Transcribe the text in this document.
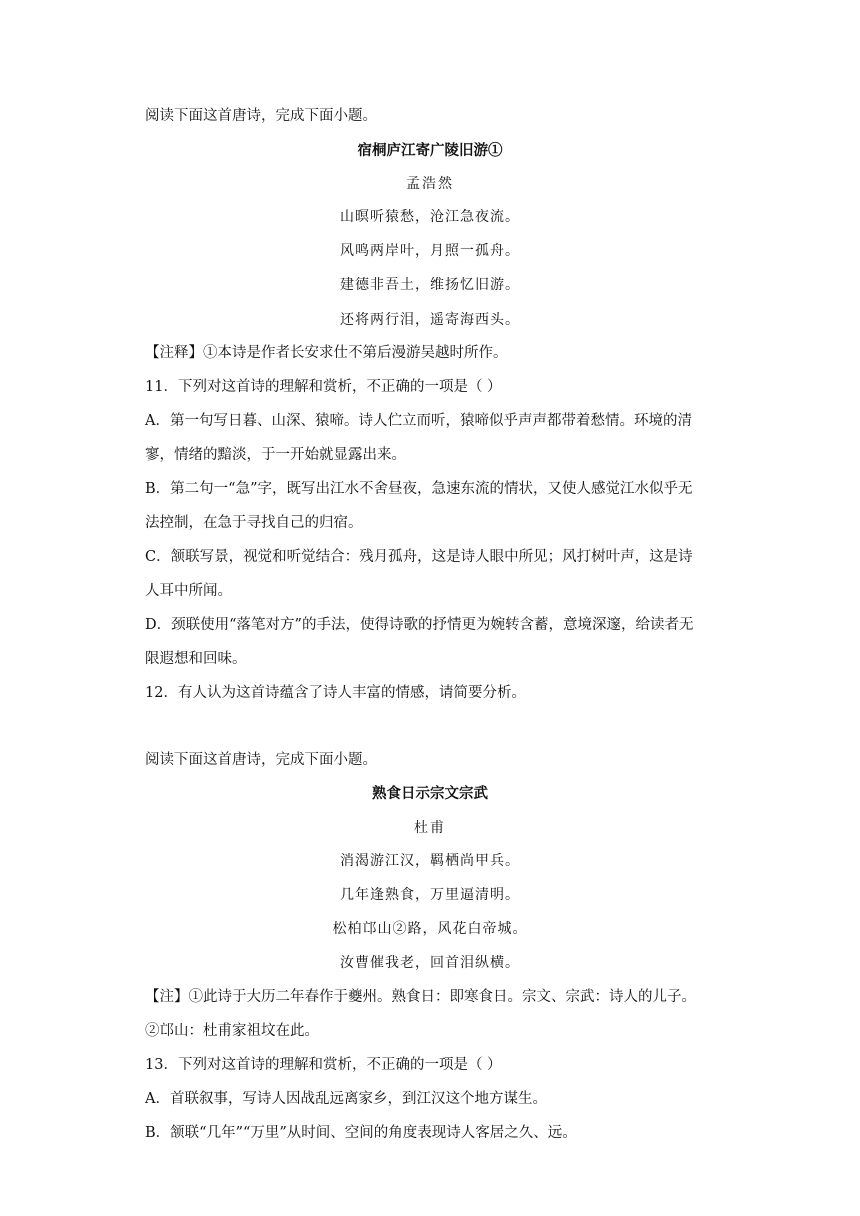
阅读下面这首唐诗，完成下面小题。
宿桐庐江寄广陵旧游①
孟浩然
山暝听猿愁，沧江急夜流。
风鸣两岸叶，月照一孤舟。
建德非吾土，维扬忆旧游。
还将两行泪，遥寄海西头。
【注释】①本诗是作者长安求仕不第后漫游吴越时所作。
11．下列对这首诗的理解和赏析，不正确的一项是（ ）
A．第一句写日暮、山深、猿啼。诗人伫立而听，猿啼似乎声声都带着愁情。环境的清
寥，情绪的黯淡，于一开始就显露出来。
B．第二句一“急”字，既写出江水不舍昼夜，急速东流的情状，又使人感觉江水似乎无
法控制，在急于寻找自己的归宿。
C．颔联写景，视觉和听觉结合：残月孤舟，这是诗人眼中所见；风打树叶声，这是诗
人耳中所闻。
D．颈联使用“落笔对方”的手法，使得诗歌的抒情更为婉转含蓄，意境深邃，给读者无
限遐想和回味。
12．有人认为这首诗蕴含了诗人丰富的情感，请简要分析。
阅读下面这首唐诗，完成下面小题。
熟食日示宗文宗武
杜甫
消渴游江汉，羁栖尚甲兵。
几年逢熟食，万里逼清明。
松柏邙山②路，风花白帝城。
汝曹催我老，回首泪纵横。
【注】①此诗于大历二年春作于夔州。熟食日：即寒食日。宗文、宗武：诗人的儿子。
②邙山：杜甫家祖坟在此。
13．下列对这首诗的理解和赏析，不正确的一项是（ ）
A．首联叙事，写诗人因战乱远离家乡，到江汉这个地方谋生。
B．颔联“几年”“万里”从时间、空间的角度表现诗人客居之久、远。
